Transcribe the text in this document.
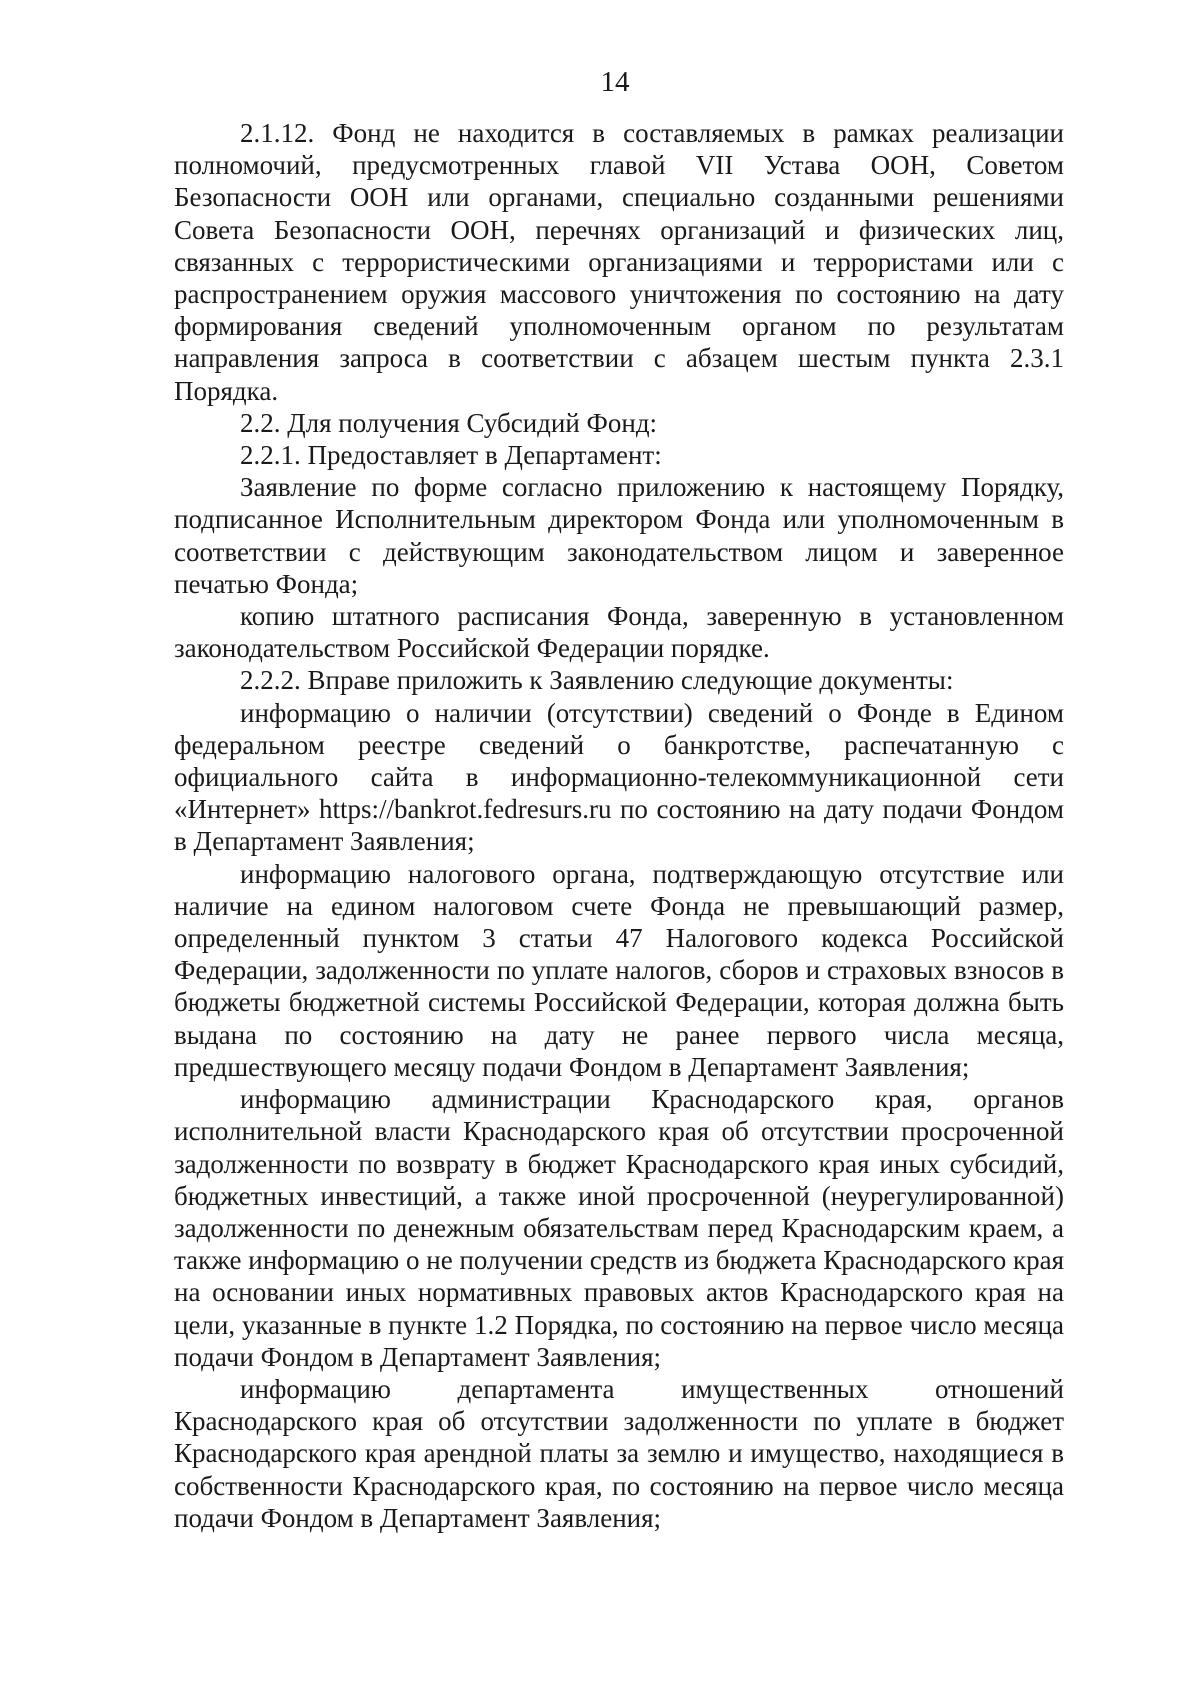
14

2.1.12. Фонд не находится в составляемых в рамках реализации полномочий, предусмотренных главой VII Устава ООН, Советом Безопасности ООН или органами, специально созданными решениями Совета Безопасности ООН, перечнях организаций и физических лиц, связанных с террористическими организациями и террористами или с распространением оружия массового уничтожения по состоянию на дату формирования сведений уполномоченным органом по результатам направления запроса в соответствии с абзацем шестым пункта 2.3.1 Порядка.

2.2. Для получения Субсидий Фонд:

2.2.1. Предоставляет в Департамент:

Заявление по форме согласно приложению к настоящему Порядку, подписанное Исполнительным директором Фонда или уполномоченным в соответствии с действующим законодательством лицом и заверенное печатью Фонда;

копию штатного расписания Фонда, заверенную в установленном законодательством Российской Федерации порядке.

2.2.2. Вправе приложить к Заявлению следующие документы:

информацию о наличии (отсутствии) сведений о Фонде в Едином федеральном реестре сведений о банкротстве, распечатанную с официального сайта в информационно-телекоммуникационной сети «Интернет» https://bankrot.fedresurs.ru по состоянию на дату подачи Фондом в Департамент Заявления;

информацию налогового органа, подтверждающую отсутствие или наличие на едином налоговом счете Фонда не превышающий размер, определенный пунктом 3 статьи 47 Налогового кодекса Российской Федерации, задолженности по уплате налогов, сборов и страховых взносов в бюджеты бюджетной системы Российской Федерации, которая должна быть выдана по состоянию на дату не ранее первого числа месяца, предшествующего месяцу подачи Фондом в Департамент Заявления;

информацию администрации Краснодарского края, органов исполнительной власти Краснодарского края об отсутствии просроченной задолженности по возврату в бюджет Краснодарского края иных субсидий, бюджетных инвестиций, а также иной просроченной (неурегулированной) задолженности по денежным обязательствам перед Краснодарским краем, а также информацию о не получении средств из бюджета Краснодарского края на основании иных нормативных правовых актов Краснодарского края на цели, указанные в пункте 1.2 Порядка, по состоянию на первое число месяца подачи Фондом в Департамент Заявления;

информацию департамента имущественных отношений Краснодарского края об отсутствии задолженности по уплате в бюджет Краснодарского края арендной платы за землю и имущество, находящиеся в собственности Краснодарского края, по состоянию на первое число месяца подачи Фондом в Департамент Заявления;
